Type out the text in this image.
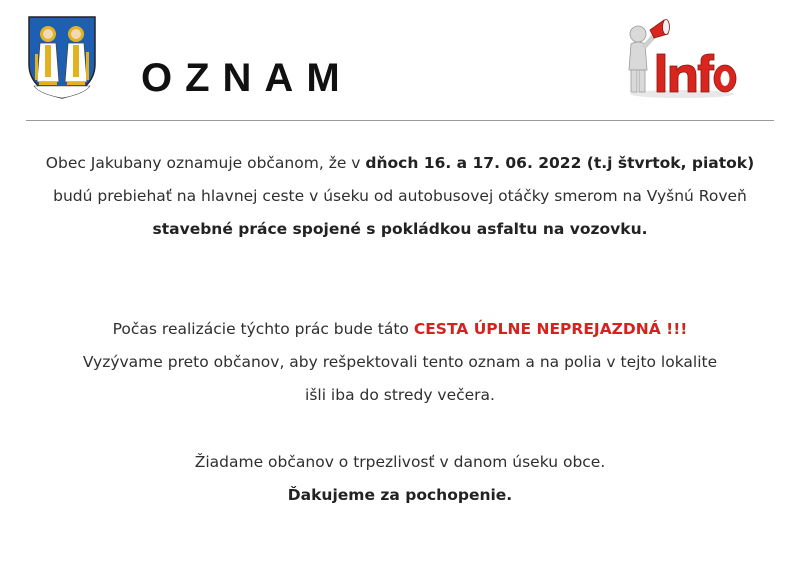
OZNAM
Obec Jakubany oznamuje občanom, že v dňoch 16. a 17. 06. 2022 (t.j štvrtok, piatok)
budú prebiehať na hlavnej ceste v úseku od autobusovej otáčky smerom na Vyšnú Roveň
stavebné práce spojené s pokládkou asfaltu na vozovku.
Počas realizácie týchto prác bude táto CESTA ÚPLNE NEPREJAZDNÁ !!!
Vyzývame preto občanov, aby rešpektovali tento oznam a na polia v tejto lokalite
išli iba do stredy večera.
Žiadame občanov o trpezlivosť v danom úseku obce.
Ďakujeme za pochopenie.
